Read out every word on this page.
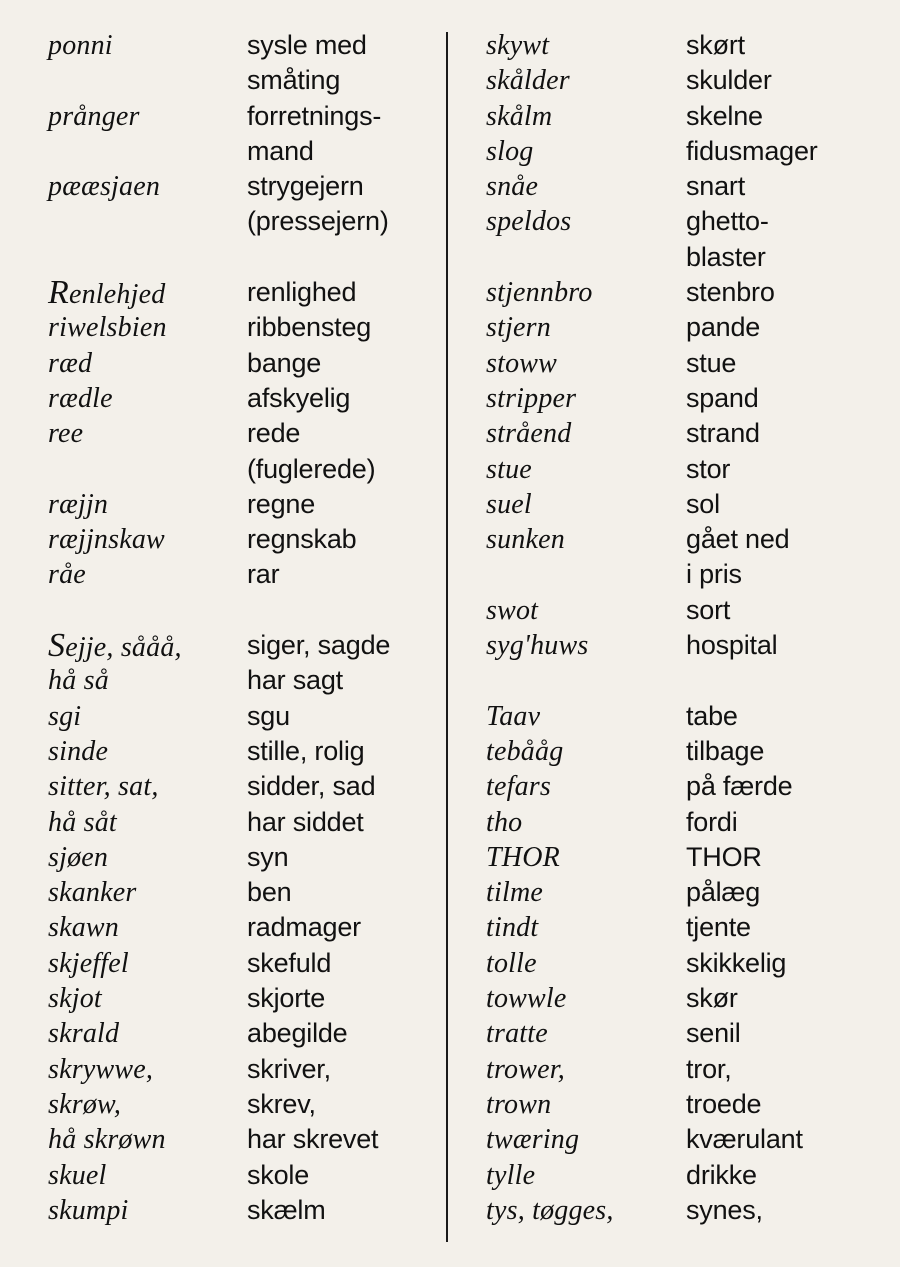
ponni
prånger
pææsjaen
Renlehjed
riwelsbien
ræd
rædle
ree
ræjjn
ræjjnskaw
råe
Sejje, sååå,
hå så
sgi
sinde
sitter, sat,
hå såt
sjøen
skanker
skawn
skjeffel
skjot
skrald
skrywwe,
skrøw,
hå skrøwn
skuel
skumpi
sysle med
småting
forretnings-
mand
strygejern
(pressejern)
renlighed
ribbensteg
bange
afskyelig
rede
(fuglerede)
regne
regnskab
rar
siger, sagde
har sagt
sgu
stille, rolig
sidder, sad
har siddet
syn
ben
radmager
skefuld
skjorte
abegilde
skriver,
skrev,
har skrevet
skole
skælm
skywt
skålder
skålm
slog
snåe
speldos
stjennbro
stjern
stoww
stripper
stråend
stue
suel
sunken
swot
syg'huws
Taav
tebååg
tefars
tho
THOR
tilme
tindt
tolle
towwle
tratte
trower,
trown
twæring
tylle
tys, tøgges,
skørt
skulder
skelne
fidusmager
snart
ghetto-
blaster
stenbro
pande
stue
spand
strand
stor
sol
gået ned
i pris
sort
hospital
tabe
tilbage
på færde
fordi
THOR
pålæg
tjente
skikkelig
skør
senil
tror,
troede
kværulant
drikke
synes,
